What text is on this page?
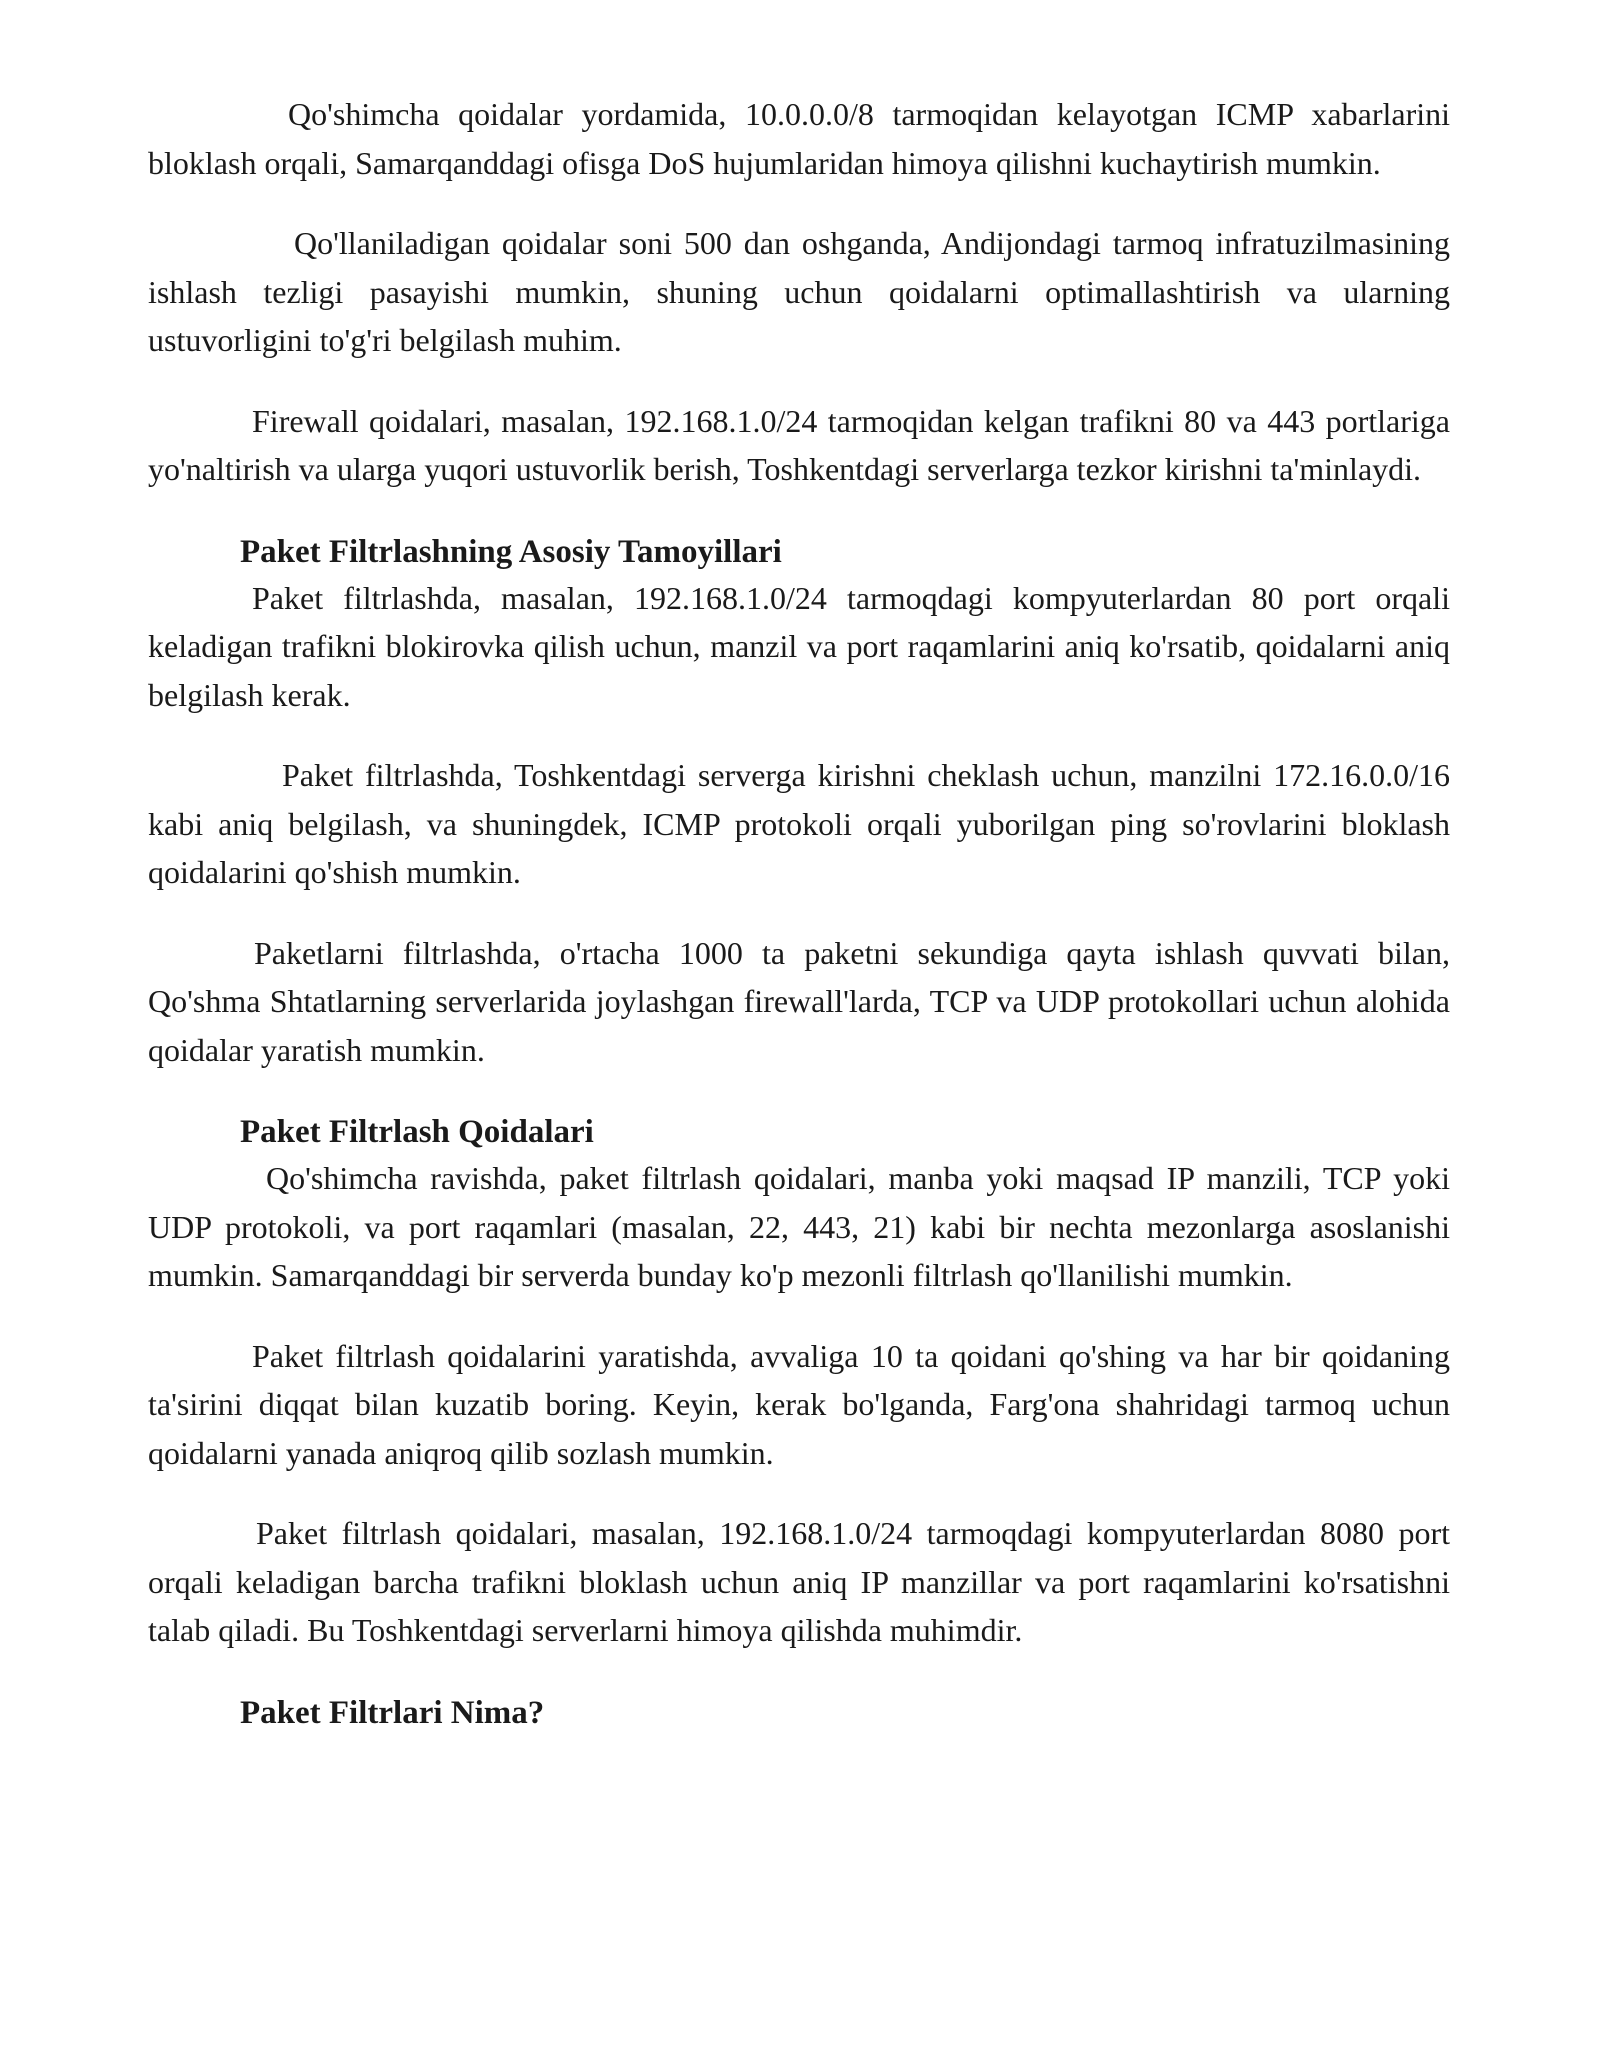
Qo'shimcha qoidalar yordamida, 10.0.0.0/8 tarmoqidan kelayotgan ICMP xabarlarini bloklash orqali, Samarqanddagi ofisga DoS hujumlaridan himoya qilishni kuchaytirish mumkin.

Qo'llaniladigan qoidalar soni 500 dan oshganda, Andijondagi tarmoq infratuzilmasining ishlash tezligi pasayishi mumkin, shuning uchun qoidalarni optimallashtirish va ularning ustuvorligini to'g'ri belgilash muhim.

Firewall qoidalari, masalan, 192.168.1.0/24 tarmoqidan kelgan trafikni 80 va 443 portlariga yo'naltirish va ularga yuqori ustuvorlik berish, Toshkentdagi serverlarga tezkor kirishni ta'minlaydi.

Paket Filtrlashning Asosiy Tamoyillari

Paket filtrlashda, masalan, 192.168.1.0/24 tarmoqdagi kompyuterlardan 80 port orqali keladigan trafikni blokirovka qilish uchun, manzil va port raqamlarini aniq ko'rsatib, qoidalarni aniq belgilash kerak.

Paket filtrlashda, Toshkentdagi serverga kirishni cheklash uchun, manzilni 172.16.0.0/16 kabi aniq belgilash, va shuningdek, ICMP protokoli orqali yuborilgan ping so'rovlarini bloklash qoidalarini qo'shish mumkin.

Paketlarni filtrlashda, o'rtacha 1000 ta paketni sekundiga qayta ishlash quvvati bilan, Qo'shma Shtatlarning serverlarida joylashgan firewall'larda, TCP va UDP protokollari uchun alohida qoidalar yaratish mumkin.

Paket Filtrlash Qoidalari

Qo'shimcha ravishda, paket filtrlash qoidalari, manba yoki maqsad IP manzili, TCP yoki UDP protokoli, va port raqamlari (masalan, 22, 443, 21) kabi bir nechta mezonlarga asoslanishi mumkin. Samarqanddagi bir serverda bunday ko'p mezonli filtrlash qo'llanilishi mumkin.

Paket filtrlash qoidalarini yaratishda, avvaliga 10 ta qoidani qo'shing va har bir qoidaning ta'sirini diqqat bilan kuzatib boring. Keyin, kerak bo'lganda, Farg'ona shahridagi tarmoq uchun qoidalarni yanada aniqroq qilib sozlash mumkin.

Paket filtrlash qoidalari, masalan, 192.168.1.0/24 tarmoqdagi kompyuterlardan 8080 port orqali keladigan barcha trafikni bloklash uchun aniq IP manzillar va port raqamlarini ko'rsatishni talab qiladi. Bu Toshkentdagi serverlarni himoya qilishda muhimdir.

Paket Filtrlari Nima?
